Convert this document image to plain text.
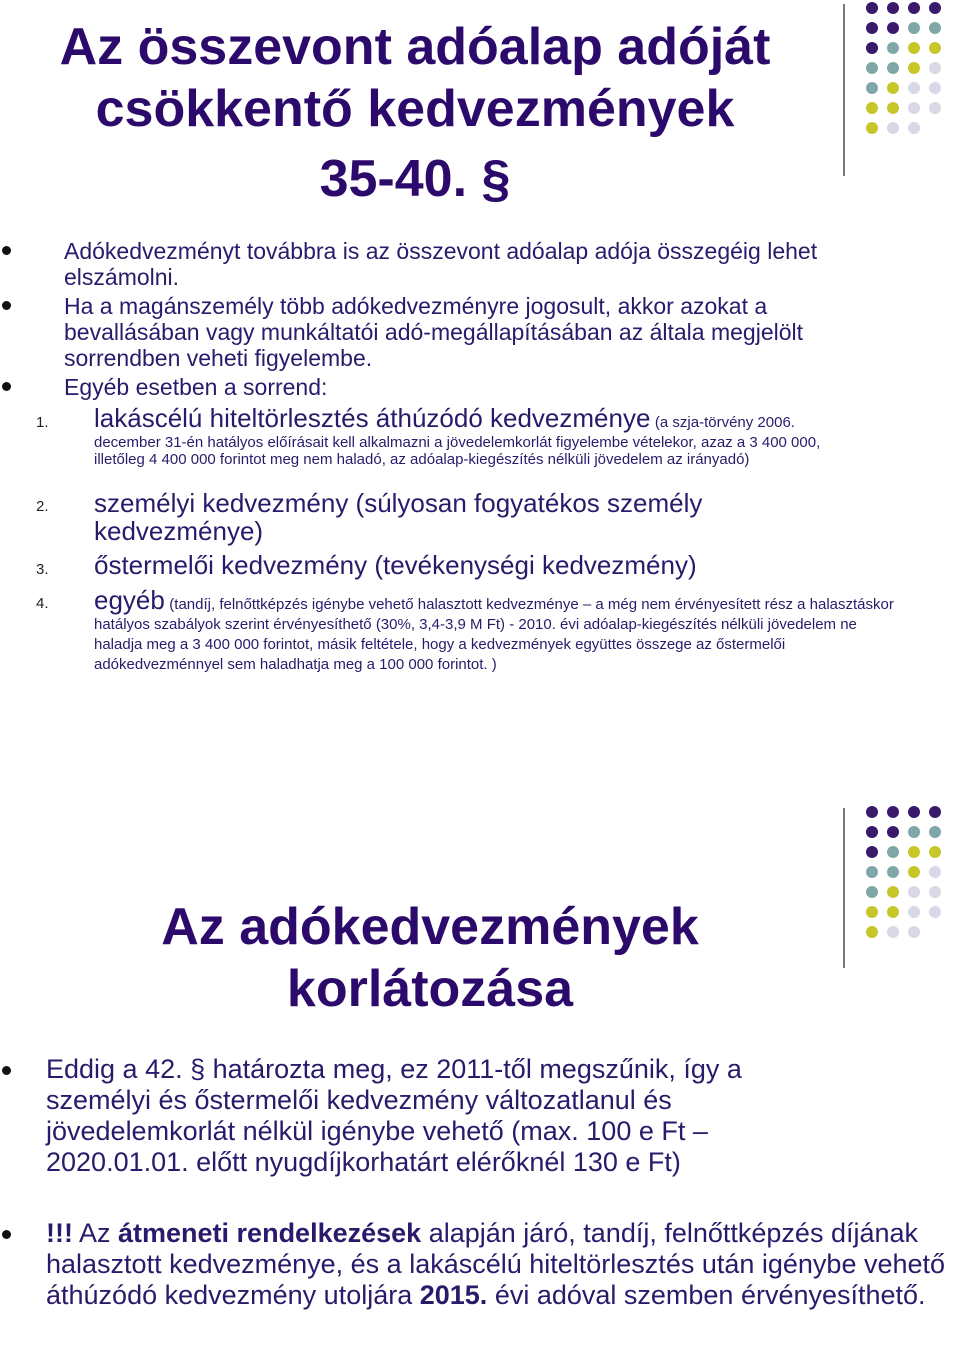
Az összevont adóalap adóját
csökkentő kedvezmények
35-40. §
Adókedvezményt továbbra is az összevont adóalap adója összegéig lehet elszámolni.
Ha a magánszemély több adókedvezményre jogosult, akkor azokat a bevallásában vagy munkáltatói adó-megállapításában az általa megjelölt sorrendben veheti figyelembe.
Egyéb esetben a sorrend:
1. lakáscélú hiteltörlesztés áthúzódó kedvezménye (a szja-törvény 2006.
december 31-én hatályos előírásait kell alkalmazni a jövedelemkorlát figyelembe vételekor, azaz a 3 400 000, illetőleg 4 400 000 forintot meg nem haladó, az adóalap-kiegészítés nélküli jövedelem az irányadó)
2. személyi kedvezmény (súlyosan fogyatékos személy kedvezménye)
3. őstermelői kedvezmény (tevékenységi kedvezmény)
4. egyéb (tandíj, felnőttképzés igénybe vehető halasztott kedvezménye – a még nem érvényesített rész a halasztáskor hatályos szabályok szerint érvényesíthető (30%, 3,4-3,9 M Ft) - 2010. évi adóalap-kiegészítés nélküli jövedelem ne haladja meg a 3 400 000 forintot, másik feltétele, hogy a kedvezmények együttes összege az őstermelői adókedvezménnyel sem haladhatja meg a 100 000 forintot. )
Az adókedvezmények
korlátozása
Eddig a 42. § határozta meg, ez 2011-től megszűnik, így a személyi és őstermelői kedvezmény változatlanul és jövedelemkorlát nélkül igénybe vehető (max. 100 e Ft – 2020.01.01. előtt nyugdíjkorhatárt elérőknél 130 e Ft)
!!! Az átmeneti rendelkezések alapján járó, tandíj, felnőttképzés díjának halasztott kedvezménye, és a lakáscélú hiteltörlesztés után igénybe vehető áthúzódó kedvezmény utoljára 2015. évi adóval szemben érvényesíthető.
